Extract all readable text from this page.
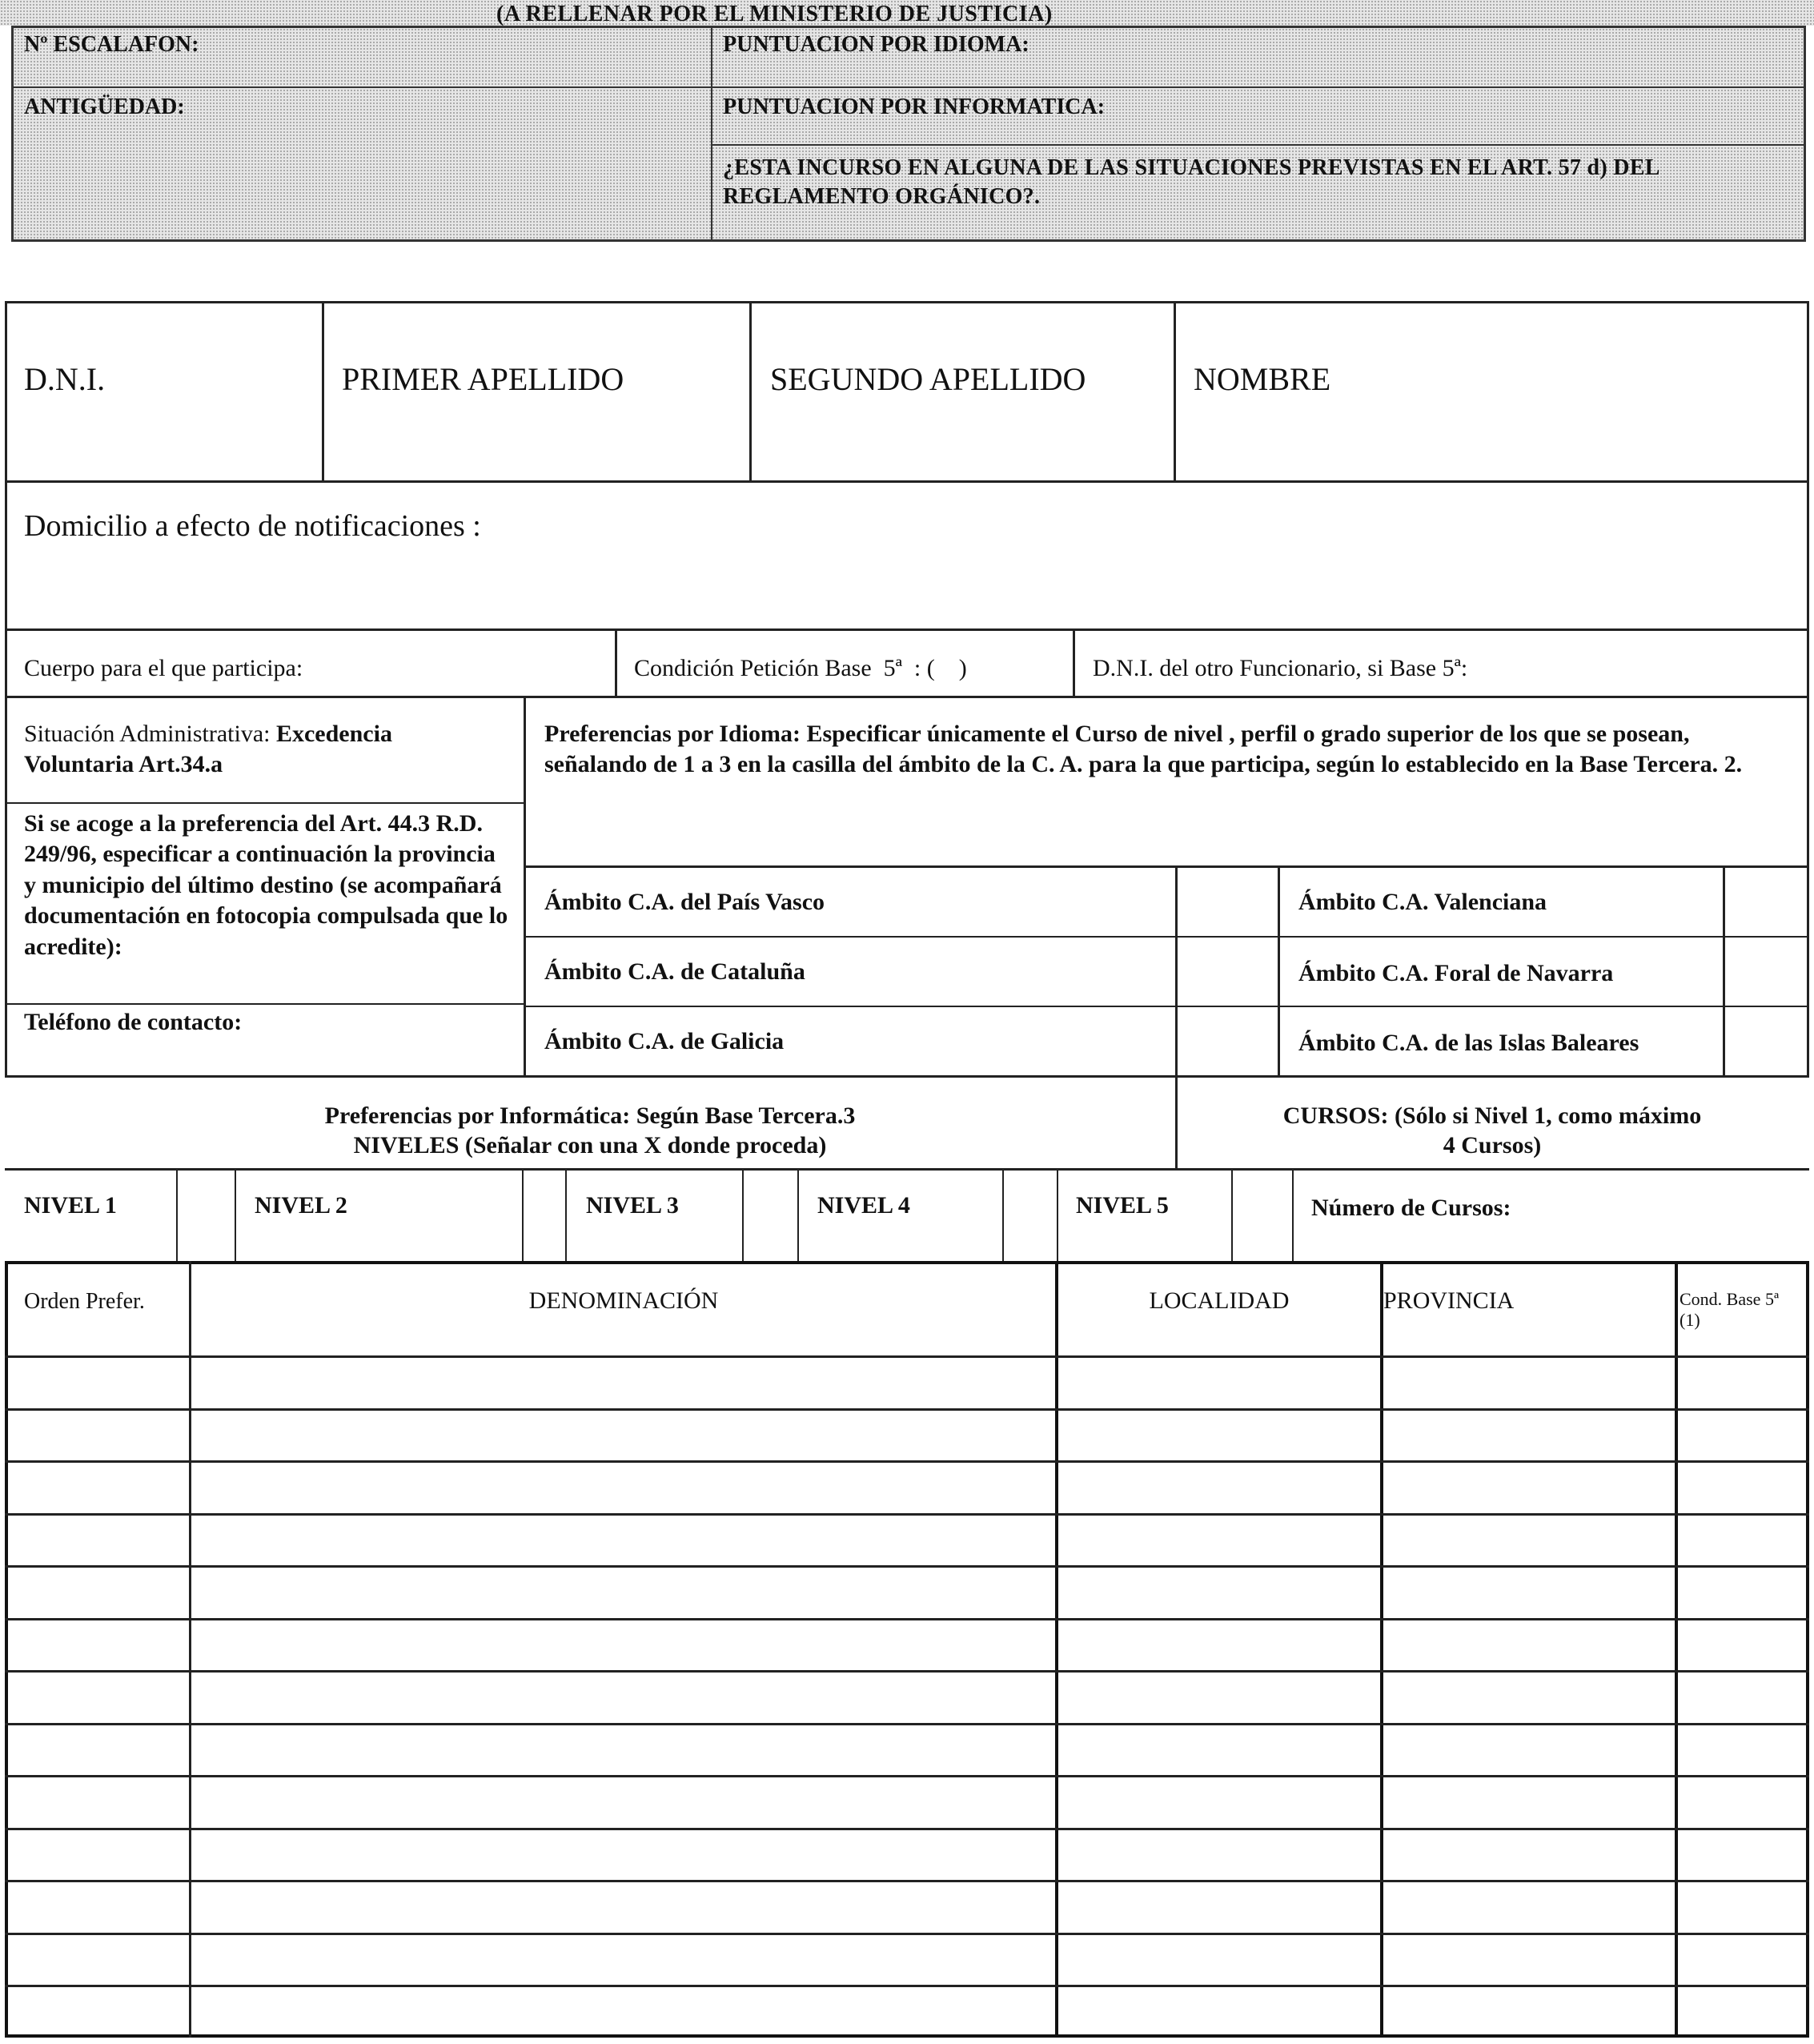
(A RELLENAR POR EL MINISTERIO DE JUSTICIA)
Nº ESCALAFON:
ANTIGÜEDAD:
PUNTUACION POR IDIOMA:
PUNTUACION POR INFORMATICA:
¿ESTA INCURSO EN ALGUNA DE LAS SITUACIONES PREVISTAS EN EL ART. 57 d) DEL REGLAMENTO ORGÁNICO?.
D.N.I.	PRIMER APELLIDO	SEGUNDO APELLIDO	NOMBRE
Domicilio a efecto de notificaciones :
Cuerpo para el que participa:	Condición Petición Base  5ª  : (    )	D.N.I. del otro Funcionario, si Base 5ª:
Situación Administrativa: Excedencia Voluntaria Art.34.a
Si se acoge a la preferencia del Art. 44.3 R.D. 249/96, especificar a continuación la provincia y municipio del último destino (se acompañará documentación en fotocopia compulsada que lo acredite):
Teléfono de contacto:
Preferencias por Idioma: Especificar únicamente el Curso de nivel , perfil o grado superior de los que se posean, señalando de 1 a 3 en la casilla del ámbito de la C. A. para la que participa, según lo establecido en la Base Tercera. 2.
Ámbito C.A. del País Vasco	Ámbito C.A. Valenciana
Ámbito C.A. de Cataluña	Ámbito C.A. Foral de Navarra
Ámbito C.A. de Galicia	Ámbito C.A. de las Islas Baleares
Preferencias por Informática: Según Base Tercera.3
NIVELES (Señalar con una X donde proceda)
CURSOS: (Sólo si Nivel 1, como máximo
4 Cursos)
NIVEL 1	NIVEL 2	NIVEL 3	NIVEL 4	NIVEL 5	Número de Cursos:
Orden Prefer.	DENOMINACIÓN	LOCALIDAD	PROVINCIA	Cond. Base 5ª (1)
